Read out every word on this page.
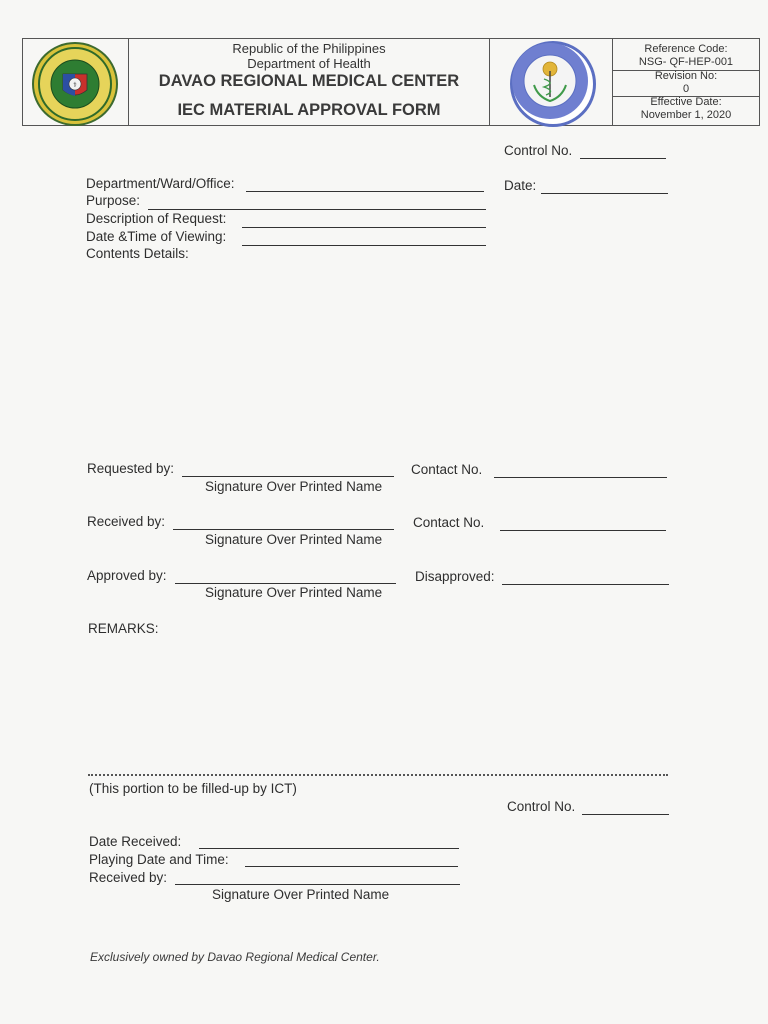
⚕
Republic of the Philippines
Department of Health
DAVAO REGIONAL MEDICAL CENTER
IEC MATERIAL APPROVAL FORM
Reference Code:
NSG- QF-HEP-001
Revision No:
0
Effective Date:
November 1, 2020
Control No.
Department/Ward/Office:	Date:
Purpose:
Description of Request:
Date &Time of Viewing:
Contents Details:
Requested by:
Signature Over Printed Name
Contact No.
Received by:
Signature Over Printed Name
Contact No.
Approved by:
Signature Over Printed Name
Disapproved:
REMARKS:
(This portion to be filled-up by ICT)
Control No.
Date Received:
Playing Date and Time:
Received by:
Signature Over Printed Name
Exclusively owned by Davao Regional Medical Center.
